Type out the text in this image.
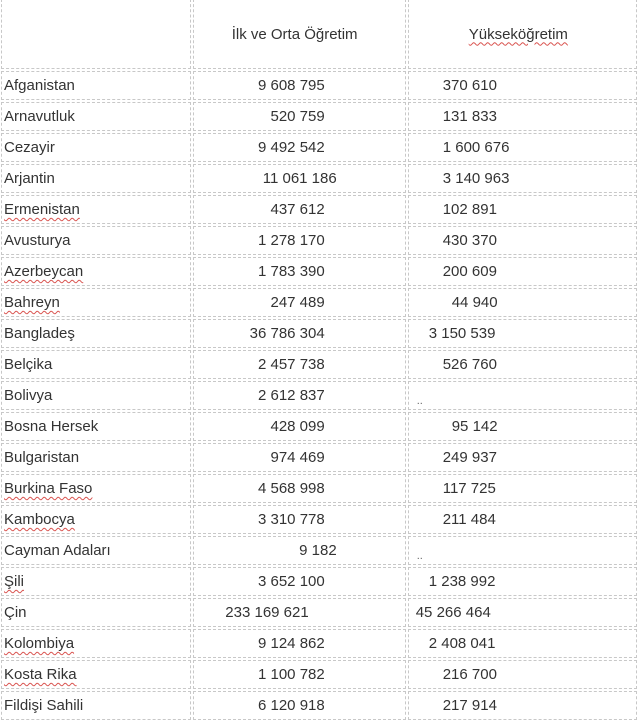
	İlk ve Orta Öğretim	Yükseköğretim
Afganistan	9 608 795	370 610
Arnavutluk	520 759	131 833
Cezayir	9 492 542	1 600 676
Arjantin	11 061 186	3 140 963
Ermenistan	437 612	102 891
Avusturya	1 278 170	430 370
Azerbeycan	1 783 390	200 609
Bahreyn	247 489	44 940
Bangladeş	36 786 304	3 150 539
Belçika	2 457 738	526 760
Bolivya	2 612 837	$_{..}$
Bosna Hersek	428 099	95 142
Bulgaristan	974 469	249 937
Burkina Faso	4 568 998	117 725
Kambocya	3 310 778	211 484
Cayman Adaları	9 182	$_{..}$
Şili	3 652 100	1 238 992
Çin	233 169 621	45 266 464
Kolombiya	9 124 862	2 408 041
Kosta Rika	1 100 782	216 700
Fildişi Sahili	6 120 918	217 914
